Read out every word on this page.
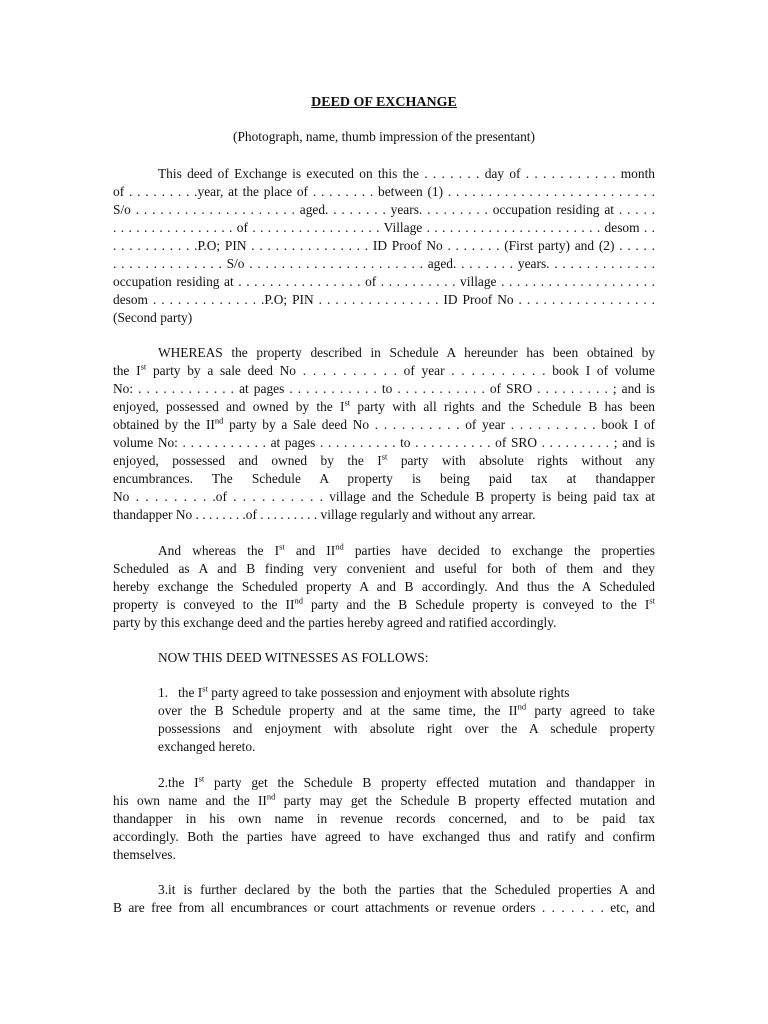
DEED OF EXCHANGE
(Photograph, name, thumb impression of the presentant)
This deed of Exchange is executed on this the . . . . . . . day of . . . . . . . . . . . month
of . . . . . . . . .year, at the place of . . . . . . . . between (1) . . . . . . . . . . . . . . . . . . . . . . . . . .
S/o . . . . . . . . . . . . . . . . . . . . aged. . . . . . . . years. . . . . . . . . occupation residing at . . . . .
. . . . . . . . . . . . . . . . of . . . . . . . . . . . . . . . . . Village . . . . . . . . . . . . . . . . . . . . . . . desom . .
. . . . . . . . . . .P.O; PIN . . . . . . . . . . . . . . . ID Proof No . . . . . . . (First party) and (2) . . . . .
. . . . . . . . . . . . . . S/o . . . . . . . . . . . . . . . . . . . . . . aged. . . . . . . . years. . . . . . . . . . . . . .
occupation residing at . . . . . . . . . . . . . . . . of . . . . . . . . . . village . . . . . . . . . . . . . . . . . . . .
desom . . . . . . . . . . . . . .P.O; PIN . . . . . . . . . . . . . . . ID Proof No . . . . . . . . . . . . . . . . .
(Second party)
WHEREAS the property described in Schedule A hereunder has been obtained by
the Ist party by a sale deed No . . . . . . . . . . of year . . . . . . . . . . book I of volume
No: . . . . . . . . . . . . at pages . . . . . . . . . . . to . . . . . . . . . . . of SRO . . . . . . . . . ; and is
enjoyed, possessed and owned by the Ist party with all rights and the Schedule B has been
obtained by the IInd party by a Sale deed No . . . . . . . . . . of year . . . . . . . . . . book I of
volume No: . . . . . . . . . . . at pages . . . . . . . . . . to . . . . . . . . . . of SRO . . . . . . . . . ; and is
enjoyed, possessed and owned by the Ist party with absolute rights without any
encumbrances. The Schedule A property is being paid tax at thandapper
No . . . . . . . . .of . . . . . . . . . . village and the Schedule B property is being paid tax at
thandapper No . . . . . . . .of . . . . . . . . . village regularly and without any arrear.
And whereas the Ist and IInd parties have decided to exchange the properties
Scheduled as A and B finding very convenient and useful for both of them and they
hereby exchange the Scheduled property A and B accordingly. And thus the A Scheduled
property is conveyed to the IInd party and the B Schedule property is conveyed to the Ist
party by this exchange deed and the parties hereby agreed and ratified accordingly.
NOW THIS DEED WITNESSES AS FOLLOWS:
1.   the Ist party agreed to take possession and enjoyment with absolute rights
over the B Schedule property and at the same time, the IInd party agreed to take
possessions and enjoyment with absolute right over the A schedule property
exchanged hereto.
2.the Ist party get the Schedule B property effected mutation and thandapper in
his own name and the IInd party may get the Schedule B property effected mutation and
thandapper in his own name in revenue records concerned, and to be paid tax
accordingly. Both the parties have agreed to have exchanged thus and ratify and confirm
themselves.
3.it is further declared by the both the parties that the Scheduled properties A and
B are free from all encumbrances or court attachments or revenue orders . . . . . . . etc, and
